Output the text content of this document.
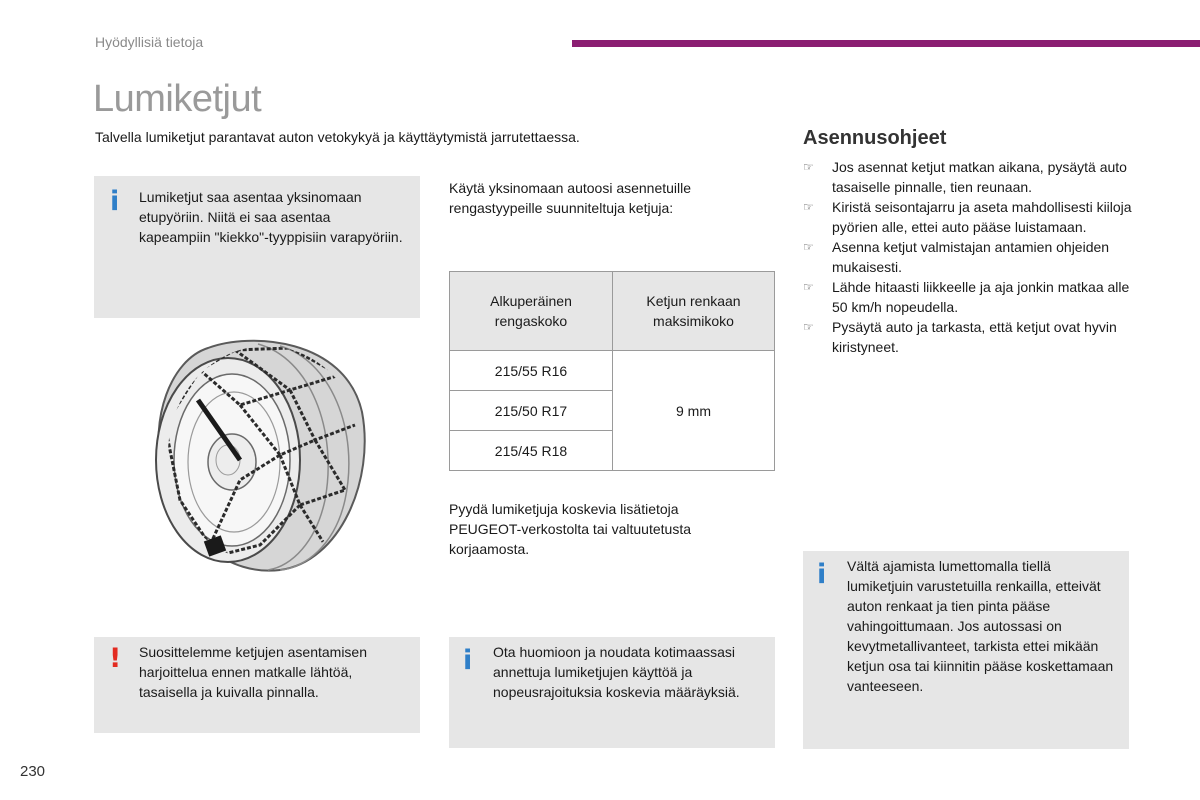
Hyödyllisiä tietoja
Lumiketjut
Talvella lumiketjut parantavat auton vetokykyä ja käyttäytymistä jarrutettaessa.
i Lumiketjut saa asentaa yksinomaan etupyöriin. Niitä ei saa asentaa kapeampiin "kiekko"-tyyppisiin varapyöriin.
Käytä yksinomaan autoosi asennetuille rengastyypeille suunniteltuja ketjuja:
Alkuperäinen rengaskoko	Ketjun renkaan maksimikoko

215/55 R16	9 mm
215/50 R17	
215/45 R18	
Pyydä lumiketjuja koskevia lisätietoja PEUGEOT-verkostolta tai valtuutetusta korjaamosta.
! Suosittelemme ketjujen asentamisen harjoittelua ennen matkalle lähtöä, tasaisella ja kuivalla pinnalla.
i Ota huomioon ja noudata kotimaassasi annettuja lumiketjujen käyttöä ja nopeusrajoituksia koskevia määräyksiä.
Asennusohjeet
☞ Jos asennat ketjut matkan aikana, pysäytä auto tasaiselle pinnalle, tien reunaan.
☞ Kiristä seisontajarru ja aseta mahdollisesti kiiloja pyörien alle, ettei auto pääse luistamaan.
☞ Asenna ketjut valmistajan antamien ohjeiden mukaisesti.
☞ Lähde hitaasti liikkeelle ja aja jonkin matkaa alle 50 km/h nopeudella.
☞ Pysäytä auto ja tarkasta, että ketjut ovat hyvin kiristyneet.
i Vältä ajamista lumettomalla tiellä lumiketjuin varustetuilla renkailla, etteivät auton renkaat ja tien pinta pääse vahingoittumaan. Jos autossasi on kevytmetallivanteet, tarkista ettei mikään ketjun osa tai kiinnitin pääse koskettamaan vanteeseen.
230
